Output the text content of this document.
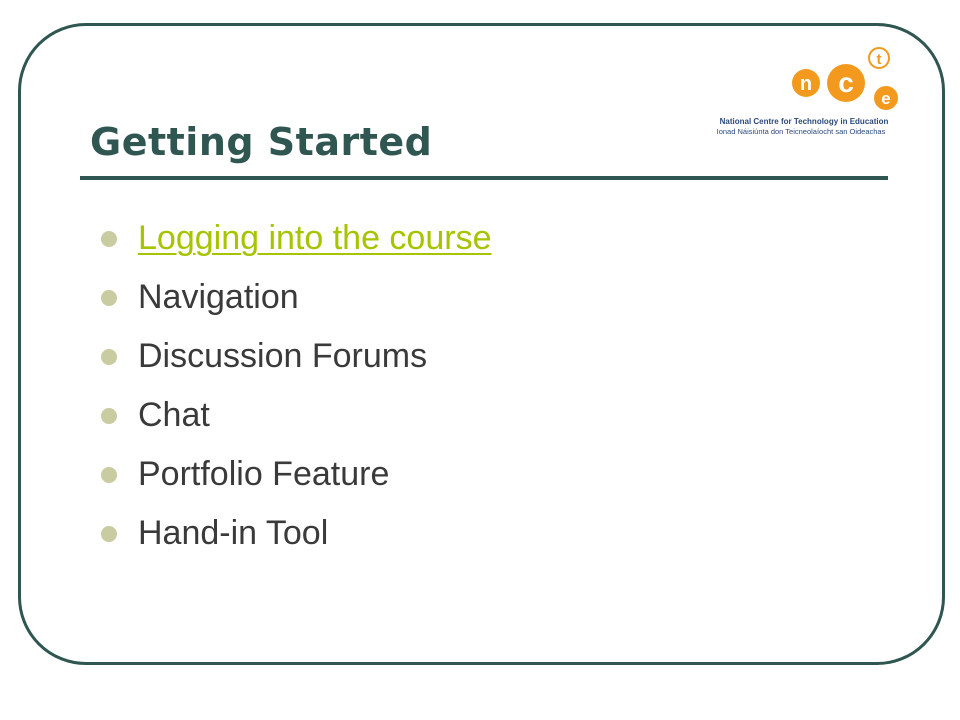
Getting Started
n c
t
e
National Centre for Technology in Education
Ionad Náisiúnta don Teicneolaíocht san Oideachas
Logging into the course
Navigation
Discussion Forums
Chat
Portfolio Feature
Hand-in Tool
